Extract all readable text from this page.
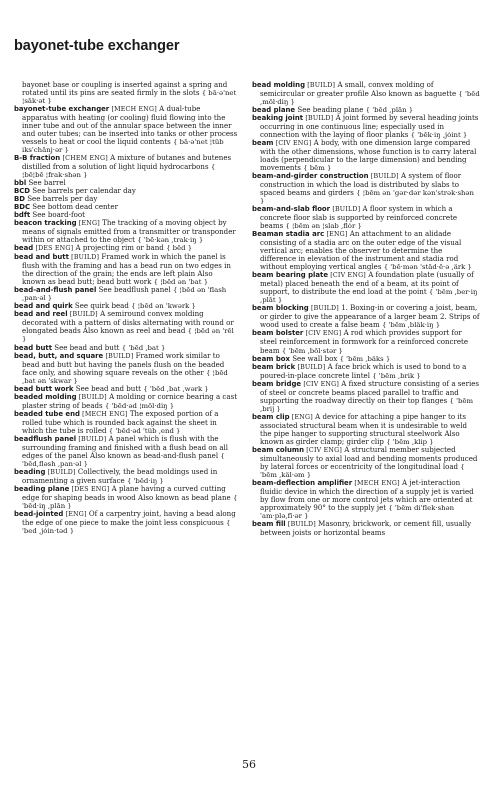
bayonet-tube exchanger

bayonet base or coupling is inserted against a spring and rotated until its pins are seated firmly in the slots { bā·ə'net ¦sāk·ət }

bayonet-tube exchanger [MECH ENG] A dual-tube apparatus with heating (or cooling) fluid flowing into the inner tube and out of the annular space between the inner and outer tubes; can be inserted into tanks or other process vessels to heat or cool the liquid contents { bā·ə'net ¦tüb iks'chānj·ər }

B-B fraction [CHEM ENG] A mixture of butanes and butenes distilled from a solution of light liquid hydrocarbons { ¦bē¦bē ¦frak·shən }

bbl See barrel

BCD See barrels per calendar day

BD See barrels per day

BDC See bottom dead center

bdft See board-foot

beacon tracking [ENG] The tracking of a moving object by means of signals emitted from a transmitter or transponder within or attached to the object { 'bē·kən ,trak·iŋ }

bead [DES ENG] A projecting rim or band { bēd }

bead and butt [BUILD] Framed work in which the panel is flush with the framing and has a bead run on two edges in the direction of the grain; the ends are left plain Also known as bead butt; bead butt work { ¦bēd ən 'bat }

bead-and-flush panel See beadflush panel { ¦bēd ən 'flash ,pan·əl }

bead and quirk See quirk bead { ¦bēd ən 'kwərk }

bead and reel [BUILD] A semiround convex molding decorated with a pattern of disks alternating with round or elongated beads Also known as reel and bead { ¦bēd ən 'rēl }

bead butt See bead and butt { 'bēd ,bat }

bead, butt, and square [BUILD] Framed work similar to bead and butt but having the panels flush on the beaded face only, and showing square reveals on the other { ¦bēd ,bat ən 'skwar }

bead butt work See bead and butt { 'bēd ,bat ,wərk }

beaded molding [BUILD] A molding or cornice bearing a cast plaster string of beads { 'bēd·əd ¦mōl·diŋ }

beaded tube end [MECH ENG] The exposed portion of a rolled tube which is rounded back against the sheet in which the tube is rolled { 'bēd·əd 'tüb ,end }

beadflush panel [BUILD] A panel which is flush with the surrounding framing and finished with a flush bead on all edges of the panel Also known as bead-and-flush panel { 'bēd,fləsh ,pan·əl }

beading [BUILD] Collectively, the bead moldings used in ornamenting a given surface { 'bēd·iŋ }

beading plane [DES ENG] A plane having a curved cutting edge for shaping beads in wood Also known as bead plane { 'bēd·iŋ ,plān }

bead-jointed [ENG] Of a carpentry joint, having a bead along the edge of one piece to make the joint less conspicuous { 'bed ,jȯin·təd }

bead molding [BUILD] A small, convex molding of semicircular or greater profile Also known as baguette { 'bēd ,mōl·diŋ }

bead plane See beading plane { 'bēd ,plān }

beaking joint [BUILD] A joint formed by several heading joints occurring in one continuous line; especially used in connection with the laying of floor planks { 'bēk·iŋ ,jȯint }

beam [CIV ENG] A body, with one dimension large compared with the other dimensions, whose function is to carry lateral loads (perpendicular to the large dimension) and bending movements { bēm }

beam-and-girder construction [BUILD] A system of floor construction in which the load is distributed by slabs to spaced beams and girders { ¦bēm ən 'gər·dər kən'strək·shən }

beam-and-slab floor [BUILD] A floor system in which a concrete floor slab is supported by reinforced concrete beams { ¦bēm ən ¦slab ,flȯr }

Beaman stadia arc [ENG] An attachment to an alidade consisting of a stadia arc on the outer edge of the visual vertical arc; enables the observer to determine the difference in elevation of the instrument and stadia rod without employing vertical angles { 'bē·mən 'stād·ē·ə ,ärk }

beam bearing plate [CIV ENG] A foundation plate (usually of metal) placed beneath the end of a beam, at its point of support, to distribute the end load at the point { 'bēm ,ber·iŋ ,plāt }

beam blocking [BUILD] 1. Boxing-in or covering a joist, beam, or girder to give the appearance of a larger beam 2. Strips of wood used to create a false beam { 'bēm ,bläk·iŋ }

beam bolster [CIV ENG] A rod which provides support for steel reinforcement in formwork for a reinforced concrete beam { 'bēm ,bōl·stər }

beam box See wall box { 'bēm ,bäks }

beam brick [BUILD] A face brick which is used to bond to a poured-in-place concrete lintel { 'bēm ,brik }

beam bridge [CIV ENG] A fixed structure consisting of a series of steel or concrete beams placed parallel to traffic and supporting the roadway directly on their top flanges { 'bēm ,brij }

beam clip [ENG] A device for attaching a pipe hanger to its associated structural beam when it is undesirable to weld the pipe hanger to supporting structural steelwork Also known as girder clamp; girder clip { 'bēm ,klip }

beam column [CIV ENG] A structural member subjected simultaneously to axial load and bending moments produced by lateral forces or eccentricity of the longitudinal load { 'bēm ,käl·əm }

beam-deflection amplifier [MECH ENG] A jet-interaction fluidic device in which the direction of a supply jet is varied by flow from one or more control jets which are oriented at approximately 90° to the supply jet { 'bēm di'flek·shən 'am·plə,fī·ər }

beam fill [BUILD] Masonry, brickwork, or cement fill, usually between joists or horizontal beams

56
